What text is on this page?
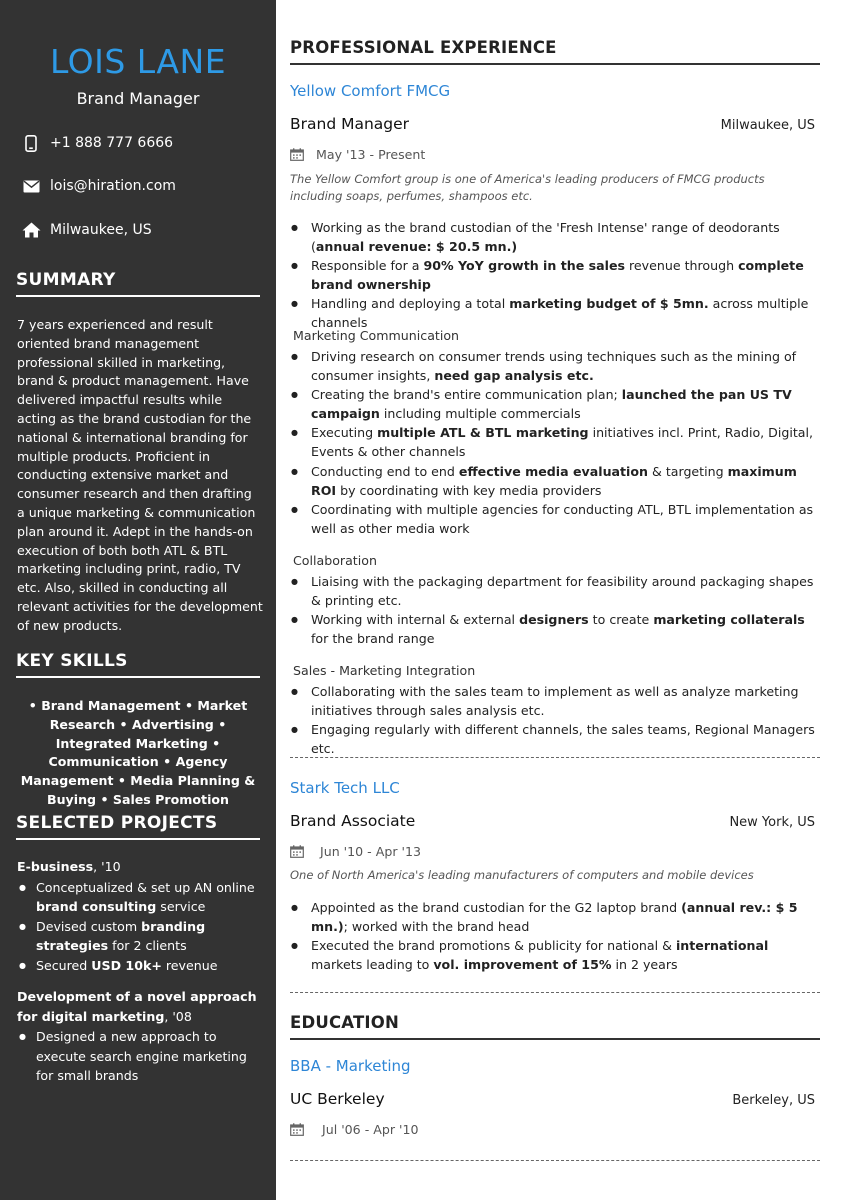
LOIS LANE
Brand Manager
+1 888 777 6666
lois@hiration.com
Milwaukee, US
SUMMARY

7 years experienced and result oriented brand management professional skilled in marketing, brand & product management. Have delivered impactful results while acting as the brand custodian for the national & international branding for multiple products. Proficient in conducting extensive market and consumer research and then drafting a unique marketing & communication plan around it. Adept in the hands-on execution of both both ATL & BTL marketing including print, radio, TV etc. Also, skilled in conducting all relevant activities for the development of new products.

KEY SKILLS

• Brand Management • Market Research • Advertising • Integrated Marketing • Communication • Agency Management • Media Planning & Buying • Sales Promotion

SELECTED PROJECTS
E-business, '10
● Conceptualized & set up AN online brand consulting service
● Devised custom branding strategies for 2 clients
● Secured USD 10k+ revenue
Development of a novel approach for digital marketing, '08
● Designed a new approach to execute search engine marketing for small brands
PROFESSIONAL EXPERIENCE
Yellow Comfort FMCG
Brand Manager	Milwaukee, US
May '13 - Present

The Yellow Comfort group is one of America's leading producers of FMCG products including soaps, perfumes, shampoos etc.

● Working as the brand custodian of the 'Fresh Intense' range of deodorants (annual revenue: $ 20.5 mn.)
● Responsible for a 90% YoY growth in the sales revenue through complete brand ownership
● Handling and deploying a total marketing budget of $ 5mn. across multiple channels
Marketing Communication
● Driving research on consumer trends using techniques such as the mining of consumer insights, need gap analysis etc.
● Creating the brand's entire communication plan; launched the pan US TV campaign including multiple commercials
● Executing multiple ATL & BTL marketing initiatives incl. Print, Radio, Digital, Events & other channels
● Conducting end to end effective media evaluation & targeting maximum ROI by coordinating with key media providers
● Coordinating with multiple agencies for conducting ATL, BTL implementation as well as other media work
Collaboration
● Liaising with the packaging department for feasibility around packaging shapes & printing etc.
● Working with internal & external designers to create marketing collaterals for the brand range
Sales - Marketing Integration
● Collaborating with the sales team to implement as well as analyze marketing initiatives through sales analysis etc.
● Engaging regularly with different channels, the sales teams, Regional Managers etc.
Stark Tech LLC
Brand Associate	New York, US
Jun '10 - Apr '13

One of North America's leading manufacturers of computers and mobile devices

● Appointed as the brand custodian for the G2 laptop brand (annual rev.: $ 5 mn.); worked with the brand head
● Executed the brand promotions & publicity for national & international markets leading to vol. improvement of 15% in 2 years
EDUCATION
BBA - Marketing
UC Berkeley	Berkeley, US
Jul '06 - Apr '10
